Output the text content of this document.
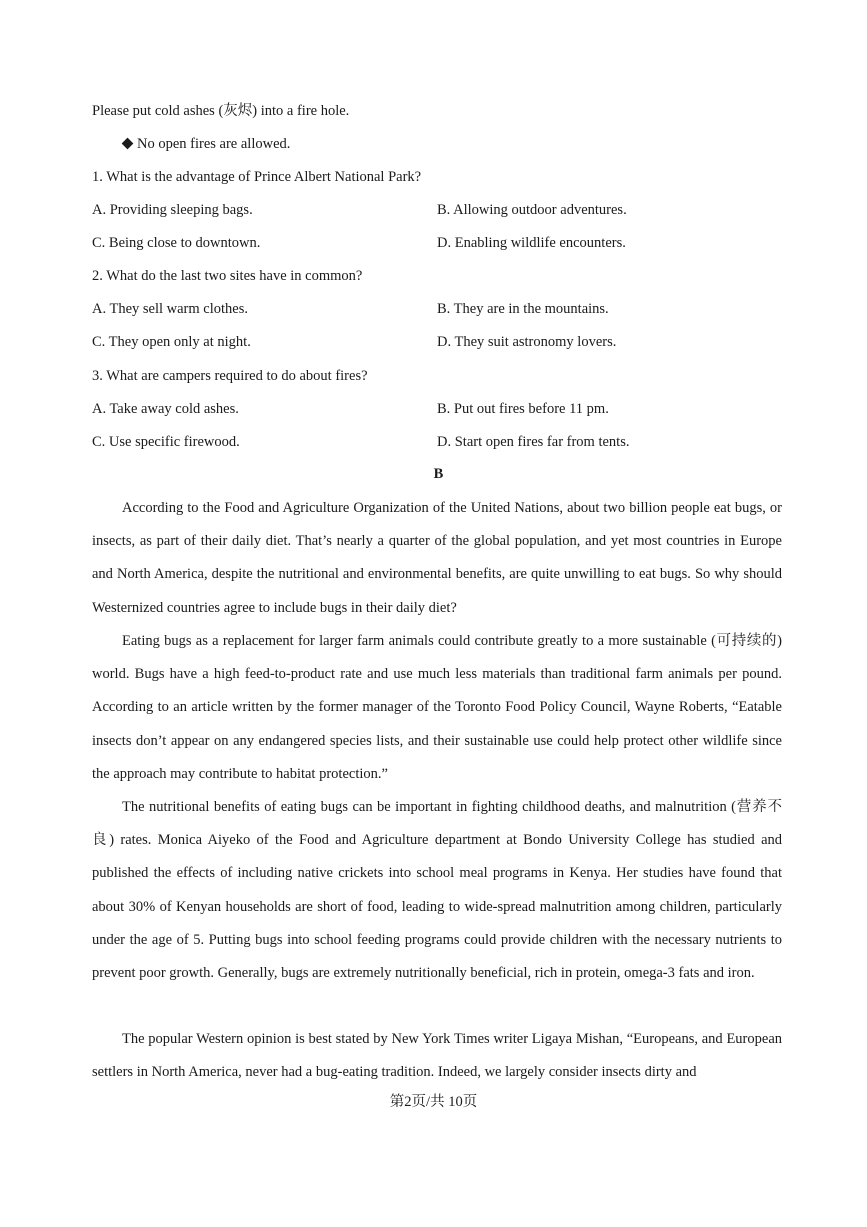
Please put cold ashes (灰烬) into a fire hole.
No open fires are allowed.
1. What is the advantage of Prince Albert National Park?
A. Providing sleeping bags.	B. Allowing outdoor adventures.
C. Being close to downtown.	D. Enabling wildlife encounters.
2. What do the last two sites have in common?
A. They sell warm clothes.	B. They are in the mountains.
C. They open only at night.	D. They suit astronomy lovers.
3. What are campers required to do about fires?
A. Take away cold ashes.	B. Put out fires before 11 pm.
C. Use specific firewood.	D. Start open fires far from tents.
B
According to the Food and Agriculture Organization of the United Nations, about two billion people eat bugs, or insects, as part of their daily diet. That’s nearly a quarter of the global population, and yet most countries in Europe and North America, despite the nutritional and environmental benefits, are quite unwilling to eat bugs. So why should Westernized countries agree to include bugs in their daily diet?
Eating bugs as a replacement for larger farm animals could contribute greatly to a more sustainable (可持续的) world. Bugs have a high feed-to-product rate and use much less materials than traditional farm animals per pound. According to an article written by the former manager of the Toronto Food Policy Council, Wayne Roberts, “Eatable insects don’t appear on any endangered species lists, and their sustainable use could help protect other wildlife since the approach may contribute to habitat protection.”
The nutritional benefits of eating bugs can be important in fighting childhood deaths, and malnutrition (营养不良) rates. Monica Aiyeko of the Food and Agriculture department at Bondo University College has studied and published the effects of including native crickets into school meal programs in Kenya. Her studies have found that about 30% of Kenyan households are short of food, leading to wide-spread malnutrition among children, particularly under the age of 5. Putting bugs into school feeding programs could provide children with the necessary nutrients to prevent poor growth. Generally, bugs are extremely nutritionally beneficial, rich in protein, omega-3 fats and iron.
The popular Western opinion is best stated by New York Times writer Ligaya Mishan, “Europeans, and European settlers in North America, never had a bug-eating tradition. Indeed, we largely consider insects dirty and
第2页/共 10页
